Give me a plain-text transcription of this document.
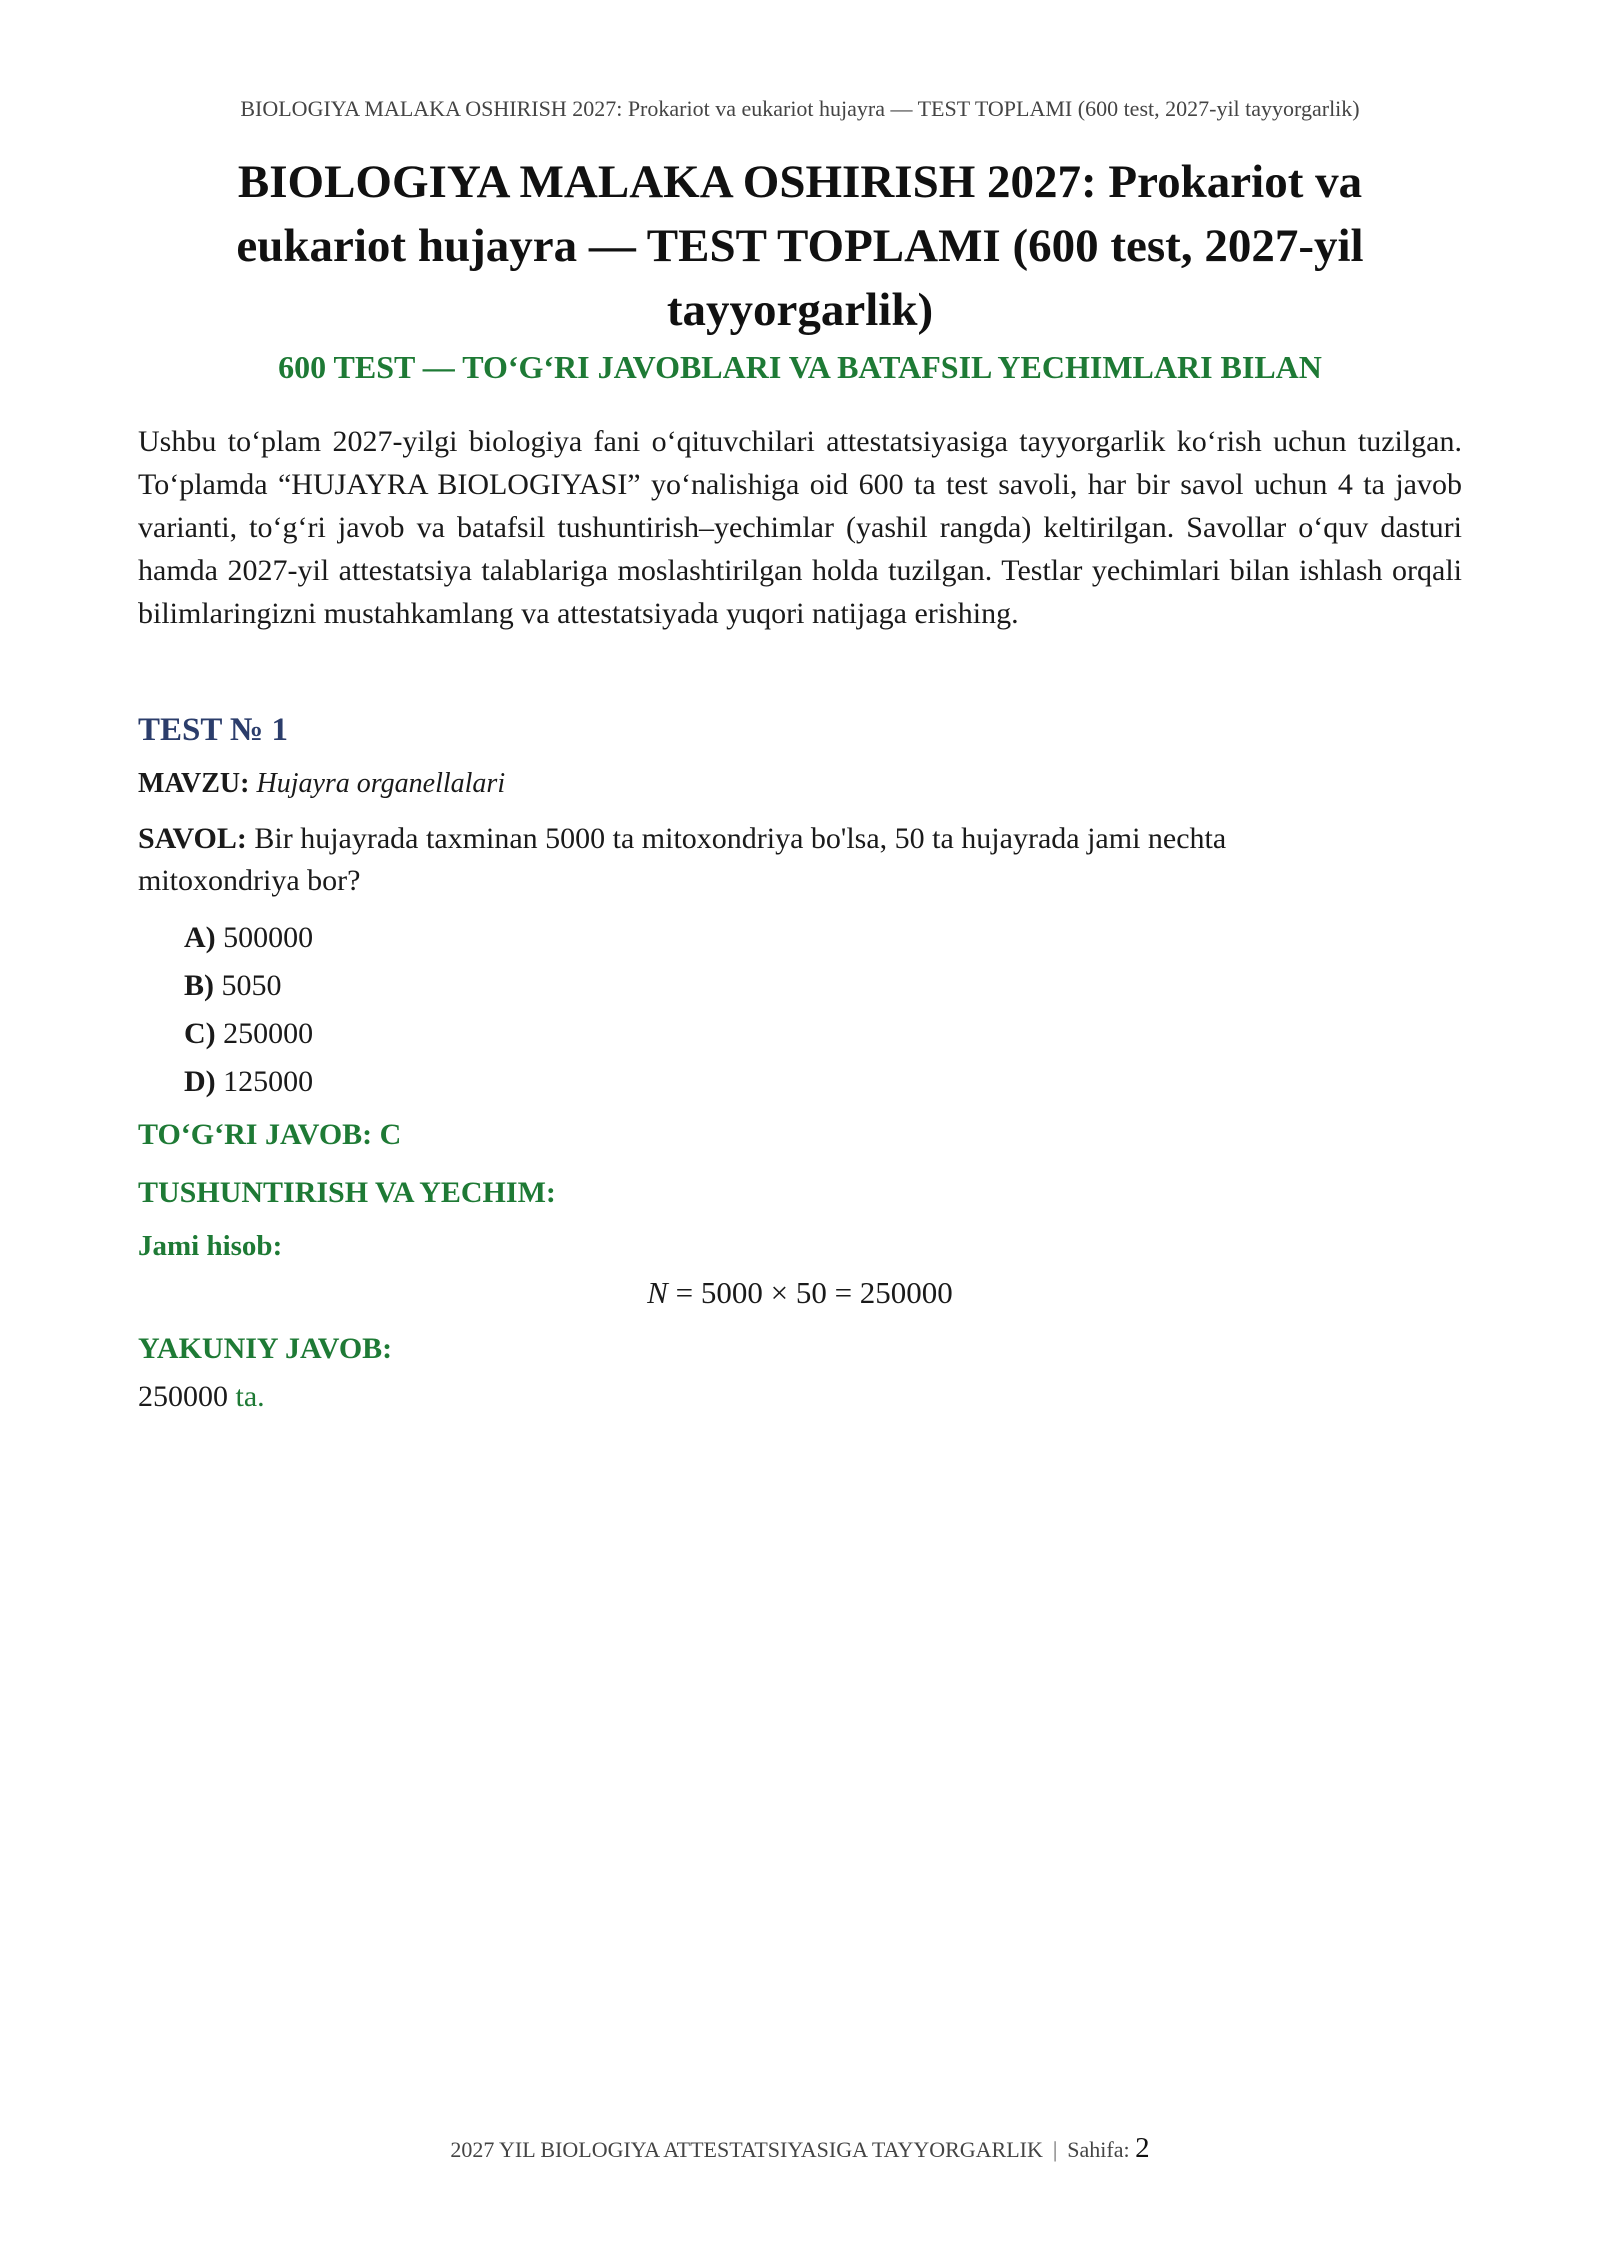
BIOLOGIYA MALAKA OSHIRISH 2027: Prokariot va eukariot hujayra — TEST TOPLAMI (600 test, 2027-yil tayyorgarlik)
BIOLOGIYA MALAKA OSHIRISH 2027: Prokariot va eukariot hujayra — TEST TOPLAMI (600 test, 2027-yil tayyorgarlik)
600 TEST — TO‘G‘RI JAVOBLARI VA BATAFSIL YECHIMLARI BILAN

Ushbu to‘plam 2027-yilgi biologiya fani o‘qituvchilari attestatsiyasiga tayyorgarlik ko‘rish uchun tuzilgan. To‘plamda “HUJAYRA BIOLOGIYASI” yo‘nalishiga oid 600 ta test savoli, har bir savol uchun 4 ta javob varianti, to‘g‘ri javob va batafsil tushuntirish–yechimlar (yashil rangda) keltirilgan. Savollar o‘quv dasturi hamda 2027-yil attestatsiya talablariga moslashtirilgan holda tuzilgan. Testlar yechimlari bilan ishlash orqali bilimlaringizni mustahkamlang va attestatsiyada yuqori natijaga erishing.

TEST № 1
MAVZU: Hujayra organellalari

SAVOL: Bir hujayrada taxminan 5000 ta mitoxondriya bo'lsa, 50 ta hujayrada jami nechta mitoxondriya bor?

A) 500000
B) 5050
C) 250000
D) 125000
TO‘G‘RI JAVOB: C
TUSHUNTIRISH VA YECHIM:
Jami hisob:
N = 5000 × 50 = 250000
YAKUNIY JAVOB:
250000 ta.
2027 YIL BIOLOGIYA ATTESTATSIYASIGA TAYYORGARLIK | Sahifa: 2
